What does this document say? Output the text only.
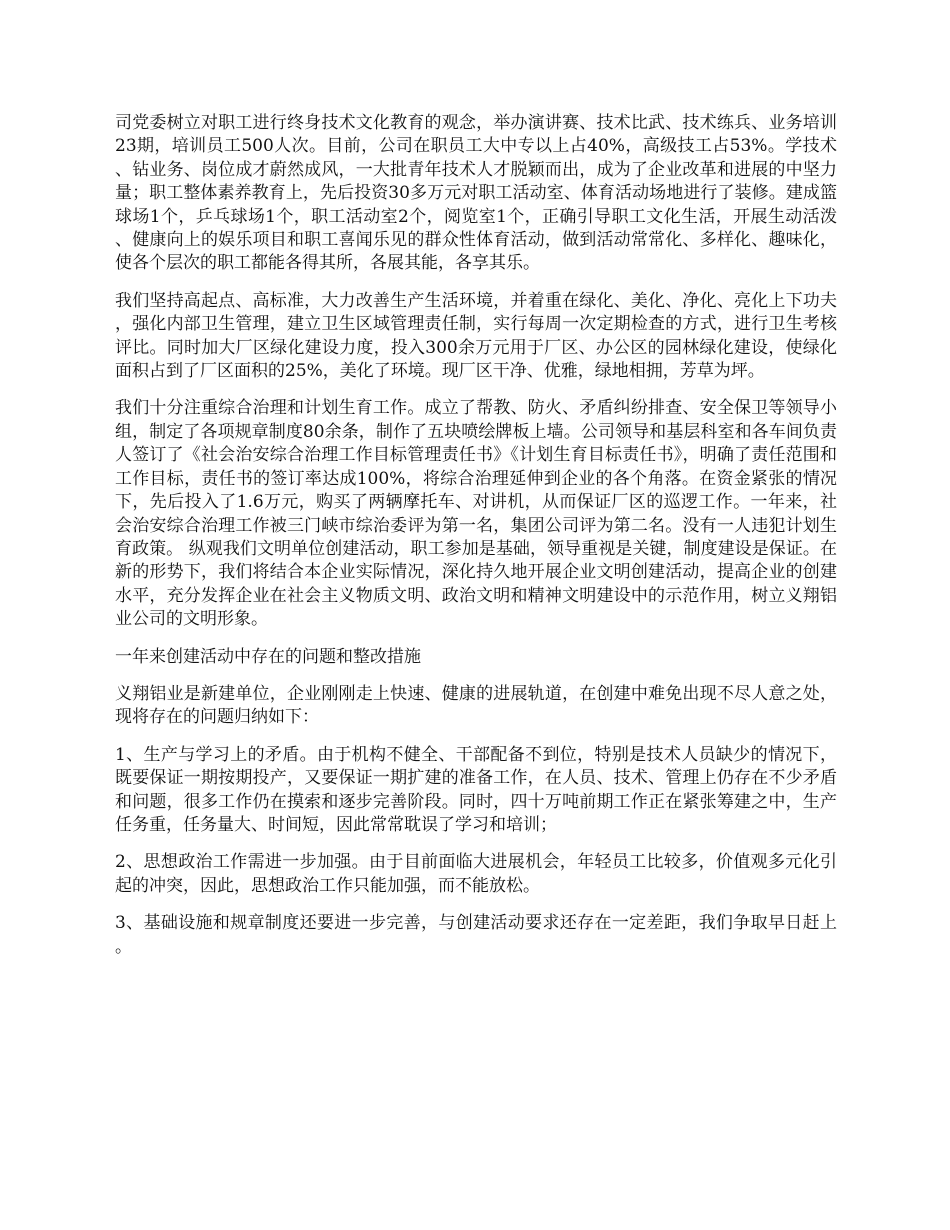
司党委树立对职工进行终身技术文化教育的观念，举办演讲赛、技术比武、技术练兵、业务培训23期，培训员工500人次。目前，公司在职员工大中专以上占40%，高级技工占53%。学技术、钻业务、岗位成才蔚然成风，一大批青年技术人才脱颖而出，成为了企业改革和进展的中坚力量；职工整体素养教育上，先后投资30多万元对职工活动室、体育活动场地进行了装修。建成篮球场1个，乒乓球场1个，职工活动室2个，阅览室1个，正确引导职工文化生活，开展生动活泼、健康向上的娱乐项目和职工喜闻乐见的群众性体育活动，做到活动常常化、多样化、趣味化，使各个层次的职工都能各得其所，各展其能，各享其乐。

我们坚持高起点、高标准，大力改善生产生活环境，并着重在绿化、美化、净化、亮化上下功夫，强化内部卫生管理，建立卫生区域管理责任制，实行每周一次定期检查的方式，进行卫生考核评比。同时加大厂区绿化建设力度，投入300余万元用于厂区、办公区的园林绿化建设，使绿化面积占到了厂区面积的25%，美化了环境。现厂区干净、优雅，绿地相拥，芳草为坪。

我们十分注重综合治理和计划生育工作。成立了帮教、防火、矛盾纠纷排查、安全保卫等领导小组，制定了各项规章制度80余条，制作了五块喷绘牌板上墙。公司领导和基层科室和各车间负责人签订了《社会治安综合治理工作目标管理责任书》《计划生育目标责任书》，明确了责任范围和工作目标，责任书的签订率达成100%，将综合治理延伸到企业的各个角落。在资金紧张的情况下，先后投入了1.6万元，购买了两辆摩托车、对讲机，从而保证厂区的巡逻工作。一年来，社会治安综合治理工作被三门峡市综治委评为第一名，集团公司评为第二名。没有一人违犯计划生育政策。 纵观我们文明单位创建活动，职工参加是基础，领导重视是关键，制度建设是保证。在新的形势下，我们将结合本企业实际情况，深化持久地开展企业文明创建活动，提高企业的创建水平，充分发挥企业在社会主义物质文明、政治文明和精神文明建设中的示范作用，树立义翔铝业公司的文明形象。

一年来创建活动中存在的问题和整改措施

义翔铝业是新建单位，企业刚刚走上快速、健康的进展轨道，在创建中难免出现不尽人意之处，现将存在的问题归纳如下：

1、生产与学习上的矛盾。由于机构不健全、干部配备不到位，特别是技术人员缺少的情况下，既要保证一期按期投产，又要保证一期扩建的准备工作，在人员、技术、管理上仍存在不少矛盾和问题，很多工作仍在摸索和逐步完善阶段。同时，四十万吨前期工作正在紧张筹建之中，生产任务重，任务量大、时间短，因此常常耽误了学习和培训；

2、思想政治工作需进一步加强。由于目前面临大进展机会，年轻员工比较多，价值观多元化引起的冲突，因此，思想政治工作只能加强，而不能放松。

3、基础设施和规章制度还要进一步完善，与创建活动要求还存在一定差距，我们争取早日赶上。
